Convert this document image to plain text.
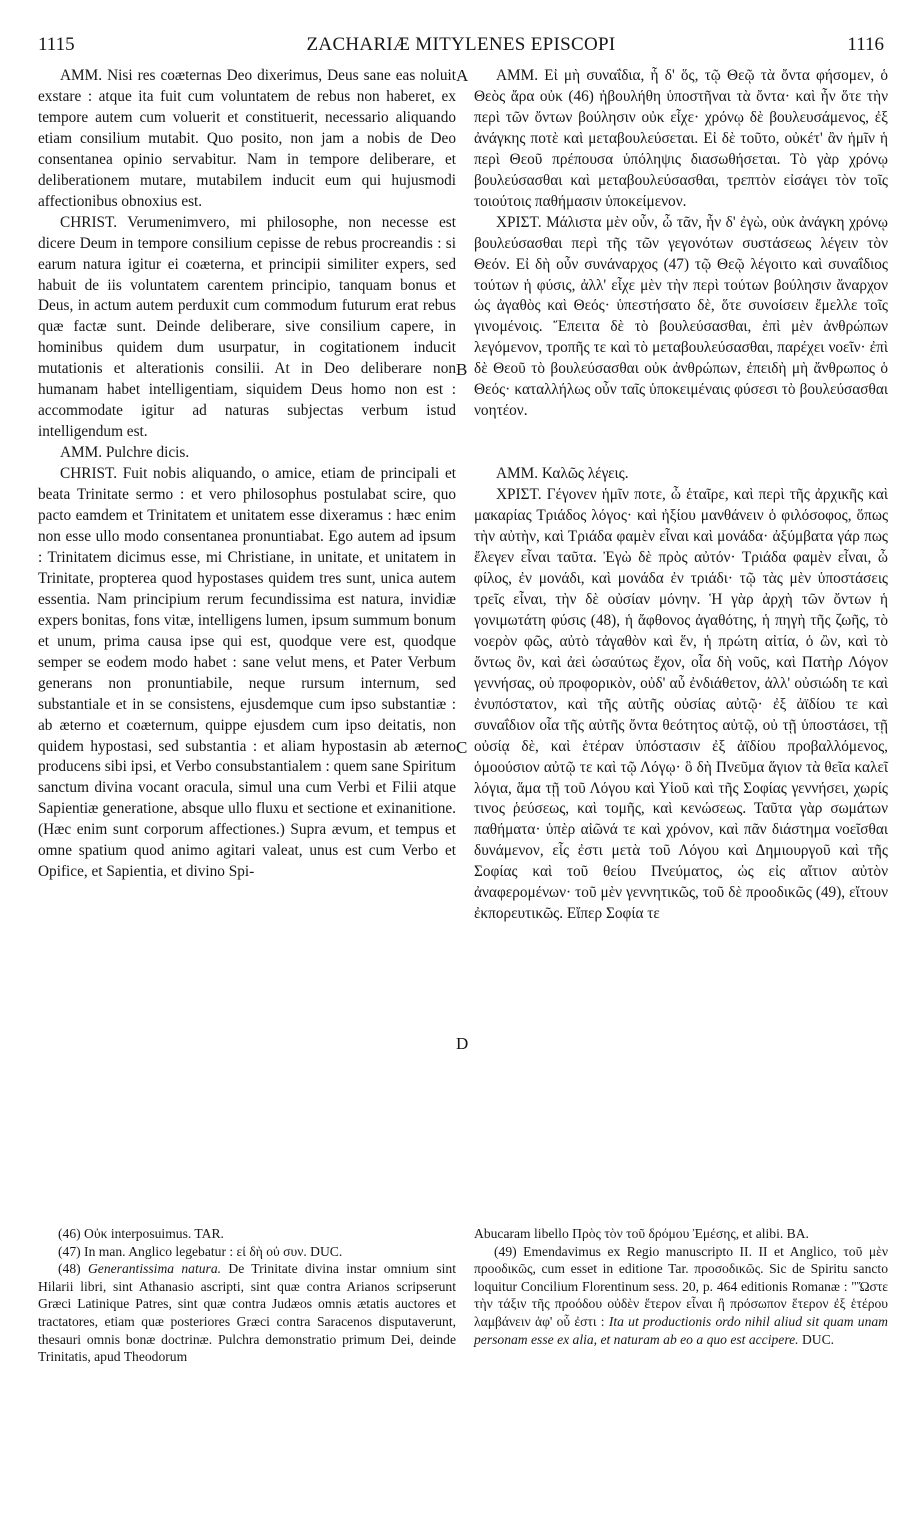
1115	ZACHARIÆ MITYLENES EPISCOPI	1116

AMM. Nisi res coæternas Deo dixerimus, Deus sane eas noluit exstare : atque ita fuit cum voluntatem de rebus non haberet, ex tempore autem cum voluerit et constituerit, necessario aliquando etiam consilium mutabit. Quo posito, non jam a nobis de Deo consentanea opinio servabitur. Nam in tempore deliberare, et deliberationem mutare, mutabilem inducit eum qui hujusmodi affectionibus obnoxius est.

CHRIST. Verumenimvero, mi philosophe, non necesse est dicere Deum in tempore consilium cepisse de rebus procreandis : si earum natura igitur ei coæterna, et principii similiter expers, sed habuit de iis voluntatem carentem principio, tanquam bonus et Deus, in actum autem perduxit cum commodum futurum erat rebus quæ factæ sunt. Deinde deliberare, sive consilium capere, in hominibus quidem dum usurpatur, in cogitationem inducit mutationis et alterationis consilii. At in Deo deliberare non humanam habet intelligentiam, siquidem Deus homo non est : accommodate igitur ad naturas subjectas verbum istud intelligendum est.

AMM. Pulchre dicis.

CHRIST. Fuit nobis aliquando, o amice, etiam de principali et beata Trinitate sermo : et vero philosophus postulabat scire, quo pacto eamdem et Trinitatem et unitatem esse dixeramus : hæc enim non esse ullo modo consentanea pronuntiabat. Ego autem ad ipsum : Trinitatem dicimus esse, mi Christiane, in unitate, et unitatem in Trinitate, propterea quod hypostases quidem tres sunt, unica autem essentia. Nam principium rerum fecundissima est natura, invidiæ expers bonitas, fons vitæ, intelligens lumen, ipsum summum bonum et unum, prima causa ipse qui est, quodque vere est, quodque semper se eodem modo habet : sane velut mens, et Pater Verbum generans non pronuntiabile, neque rursum internum, sed substantiale et in se consistens, ejusdemque cum ipso substantiæ : ab æterno et coæternum, quippe ejusdem cum ipso deitatis, non quidem hypostasi, sed substantia : et aliam hypostasin ab æterno producens sibi ipsi, et Verbo consubstantialem : quem sane Spiritum sanctum divina vocant oracula, simul una cum Verbi et Filii atque Sapientiæ generatione, absque ullo fluxu et sectione et exinanitione. (Hæc enim sunt corporum affectiones.) Supra ævum, et tempus et omne spatium quod animo agitari valeat, unus est cum Verbo et Opifice, et Sapientia, et divino Spi-

ΑΜΜ. Εἰ μὴ συναΐδια, ἧ δ' ὅς, τῷ Θεῷ τὰ ὄντα φήσομεν, ὁ Θεὸς ἄρα οὐκ (46) ἠβουλήθη ὑποστῆναι τὰ ὄντα· καὶ ἦν ὅτε τὴν περὶ τῶν ὄντων βούλησιν οὐκ εἶχε· χρόνῳ δὲ βουλευσάμενος, ἐξ ἀνάγκης ποτὲ καὶ μεταβουλεύσεται. Εἰ δὲ τοῦτο, οὐκέτ' ἂν ἡμῖν ἡ περὶ Θεοῦ πρέπουσα ὑπόληψις διασωθήσεται. Τὸ γὰρ χρόνῳ βουλεύσασθαι καὶ μεταβουλεύσασθαι, τρεπτὸν εἰσάγει τὸν τοῖς τοιούτοις παθήμασιν ὑποκείμενον.

ΧΡΙΣΤ. Μάλιστα μὲν οὖν, ὦ τᾶν, ἦν δ' ἐγὼ, οὐκ ἀνάγκη χρόνῳ βουλεύσασθαι περὶ τῆς τῶν γεγονότων συστάσεως λέγειν τὸν Θεόν. Εἰ δὴ οὖν συνάναρχος (47) τῷ Θεῷ λέγοιτο καὶ συναΐδιος τούτων ἡ φύσις, ἀλλ' εἶχε μὲν τὴν περὶ τούτων βούλησιν ἄναρχον ὡς ἀγαθὸς καὶ Θεός· ὑπεστήσατο δὲ, ὅτε συνοίσειν ἔμελλε τοῖς γινομένοις. Ἔπειτα δὲ τὸ βουλεύσασθαι, ἐπὶ μὲν ἀνθρώπων λεγόμενον, τροπῆς τε καὶ τὸ μεταβουλεύσασθαι, παρέχει νοεῖν· ἐπὶ δὲ Θεοῦ τὸ βουλεύσασθαι οὐκ ἀνθρώπων, ἐπειδὴ μὴ ἄνθρωπος ὁ Θεός· καταλλήλως οὖν ταῖς ὑποκειμέναις φύσεσι τὸ βουλεύσασθαι νοητέον.

ΑΜΜ. Καλῶς λέγεις.

ΧΡΙΣΤ. Γέγονεν ἡμῖν ποτε, ὦ ἑταῖρε, καὶ περὶ τῆς ἀρχικῆς καὶ μακαρίας Τριάδος λόγος· καὶ ἠξίου μανθάνειν ὁ φιλόσοφος, ὅπως τὴν αὐτὴν, καὶ Τριάδα φαμὲν εἶναι καὶ μονάδα· ἀξύμβατα γάρ πως ἔλεγεν εἶναι ταῦτα. Ἐγὼ δὲ πρὸς αὐτόν· Τριάδα φαμὲν εἶναι, ὦ φίλος, ἐν μονάδι, καὶ μονάδα ἐν τριάδι· τῷ τὰς μὲν ὑποστάσεις τρεῖς εἶναι, τὴν δὲ οὐσίαν μόνην. Ἡ γὰρ ἀρχὴ τῶν ὄντων ἡ γονιμωτάτη φύσις (48), ἡ ἄφθονος ἀγαθότης, ἡ πηγὴ τῆς ζωῆς, τὸ νοερὸν φῶς, αὐτὸ τἀγαθὸν καὶ ἕν, ἡ πρώτη αἰτία, ὁ ὢν, καὶ τὸ ὄντως ὂν, καὶ ἀεὶ ὡσαύτως ἔχον, οἷα δὴ νοῦς, καὶ Πατὴρ Λόγον γεννήσας, οὐ προφορικὸν, οὐδ' αὖ ἐνδιάθετον, ἀλλ' οὐσιώδη τε καὶ ἐνυπόστατον, καὶ τῆς αὐτῆς οὐσίας αὐτῷ· ἐξ ἀϊδίου τε καὶ συναΐδιον οἷα τῆς αὐτῆς ὄντα θεότητος αὐτῷ, οὐ τῇ ὑποστάσει, τῇ οὐσίᾳ δὲ, καὶ ἑτέραν ὑπόστασιν ἐξ ἀϊδίου προβαλλόμενος, ὁμοούσιον αὐτῷ τε καὶ τῷ Λόγῳ· ὃ δὴ Πνεῦμα ἅγιον τὰ θεῖα καλεῖ λόγια, ἅμα τῇ τοῦ Λόγου καὶ Υἱοῦ καὶ τῆς Σοφίας γεννήσει, χωρίς τινος ῥεύσεως, καὶ τομῆς, καὶ κενώσεως. Ταῦτα γὰρ σωμάτων παθήματα· ὑπὲρ αἰῶνά τε καὶ χρόνον, καὶ πᾶν διάστημα νοεῖσθαι δυνάμενον, εἷς ἐστι μετὰ τοῦ Λόγου καὶ Δημιουργοῦ καὶ τῆς Σοφίας καὶ τοῦ θείου Πνεύματος, ὡς εἰς αἴτιον αὐτὸν ἀναφερομένων· τοῦ μὲν γεννητικῶς, τοῦ δὲ προοδικῶς (49), εἴτουν ἐκπορευτικῶς. Εἴπερ Σοφία τε

A
B
C
D

(46) Οὐκ interposuimus. TAR.

(47) In man. Anglico legebatur : εἰ δὴ οὐ συν. DUC.

(48) Generantissima natura. De Trinitate divina instar omnium sint Hilarii libri, sint Athanasio ascripti, sint quæ contra Arianos scripserunt Græci Latinique Patres, sint quæ contra Judæos omnis ætatis auctores et tractatores, etiam quæ posteriores Græci contra Saracenos disputaverunt, thesauri omnis bonæ doctrinæ. Pulchra demonstratio primum Dei, deinde Trinitatis, apud Theodorum

Abucaram libello Πρὸς τὸν τοῦ δρόμου Ἐμέσης, et alibi. BA.

(49) Emendavimus ex Regio manuscripto II. II et Anglico, τοῦ μὲν προοδικῶς, cum esset in editione Tar. προσοδικῶς. Sic de Spiritu sancto loquitur Concilium Florentinum sess. 20, p. 464 editionis Romanæ : "Ὥστε τὴν τάξιν τῆς προόδου οὐδὲν ἕτερον εἶναι ἢ πρόσωπον ἕτερον ἐξ ἑτέρου λαμβάνειν ἀφ' οὗ ἐστι : Ita ut productionis ordo nihil aliud sit quam unam personam esse ex alia, et naturam ab eo a quo est accipere. DUC.
